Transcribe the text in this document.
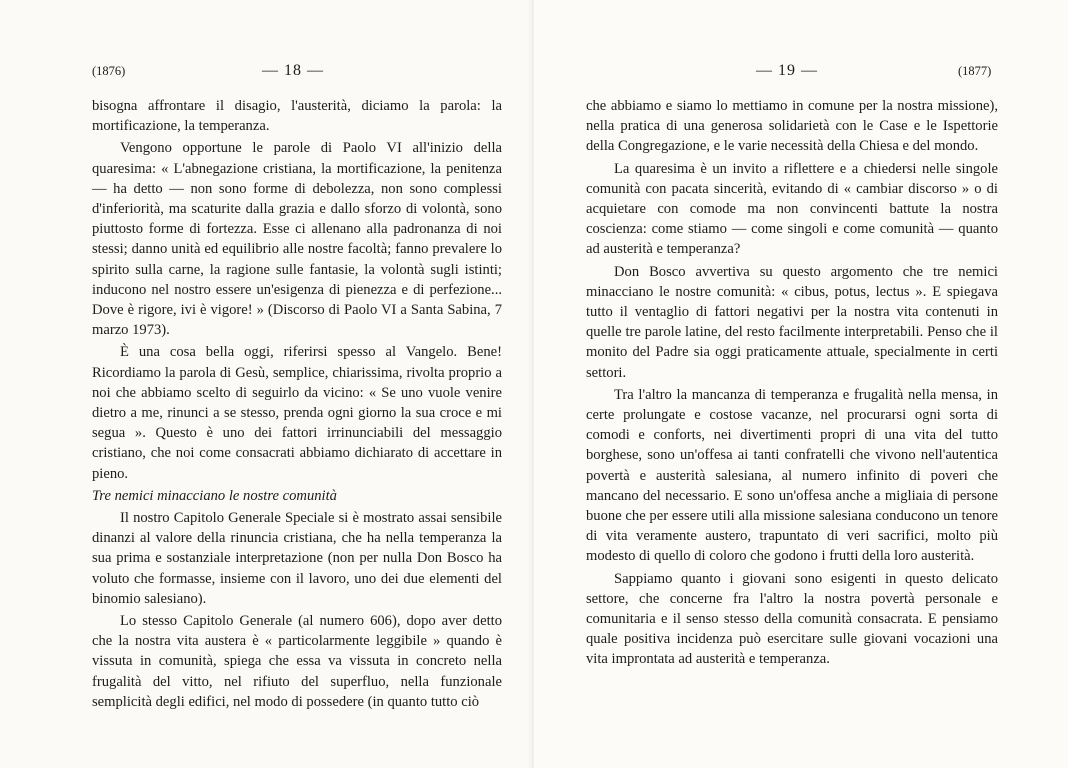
(1876)	— 18 —

bisogna affrontare il disagio, l'austerità, diciamo la parola: la mortificazione, la temperanza.

Vengono opportune le parole di Paolo VI all'inizio della quaresima: « L'abnegazione cristiana, la mortificazione, la penitenza — ha detto — non sono forme di debolezza, non sono complessi d'inferiorità, ma scaturite dalla grazia e dallo sforzo di volontà, sono piuttosto forme di fortezza. Esse ci allenano alla padronanza di noi stessi; danno unità ed equilibrio alle nostre facoltà; fanno prevalere lo spirito sulla carne, la ragione sulle fantasie, la volontà sugli istinti; inducono nel nostro essere un'esigenza di pienezza e di perfezione... Dove è rigore, ivi è vigore! » (Discorso di Paolo VI a Santa Sabina, 7 marzo 1973).

È una cosa bella oggi, riferirsi spesso al Vangelo. Bene! Ricordiamo la parola di Gesù, semplice, chiarissima, rivolta proprio a noi che abbiamo scelto di seguirlo da vicino: « Se uno vuole venire dietro a me, rinunci a se stesso, prenda ogni giorno la sua croce e mi segua ». Questo è uno dei fattori irrinunciabili del messaggio cristiano, che noi come consacrati abbiamo dichiarato di accettare in pieno.

Tre nemici minacciano le nostre comunità

Il nostro Capitolo Generale Speciale si è mostrato assai sensibile dinanzi al valore della rinuncia cristiana, che ha nella temperanza la sua prima e sostanziale interpretazione (non per nulla Don Bosco ha voluto che formasse, insieme con il lavoro, uno dei due elementi del binomio salesiano).

Lo stesso Capitolo Generale (al numero 606), dopo aver detto che la nostra vita austera è « particolarmente leggibile » quando è vissuta in comunità, spiega che essa va vissuta in concreto nella frugalità del vitto, nel rifiuto del superfluo, nella funzionale semplicità degli edifici, nel modo di possedere (in quanto tutto ciò

— 19 —	(1877)

che abbiamo e siamo lo mettiamo in comune per la nostra missione), nella pratica di una generosa solidarietà con le Case e le Ispettorie della Congregazione, e le varie necessità della Chiesa e del mondo.

La quaresima è un invito a riflettere e a chiedersi nelle singole comunità con pacata sincerità, evitando di « cambiar discorso » o di acquietare con comode ma non convincenti battute la nostra coscienza: come stiamo — come singoli e come comunità — quanto ad austerità e temperanza?

Don Bosco avvertiva su questo argomento che tre nemici minacciano le nostre comunità: « cibus, potus, lectus ». E spiegava tutto il ventaglio di fattori negativi per la nostra vita contenuti in quelle tre parole latine, del resto facilmente interpretabili. Penso che il monito del Padre sia oggi praticamente attuale, specialmente in certi settori.

Tra l'altro la mancanza di temperanza e frugalità nella mensa, in certe prolungate e costose vacanze, nel procurarsi ogni sorta di comodi e conforts, nei divertimenti propri di una vita del tutto borghese, sono un'offesa ai tanti confratelli che vivono nell'autentica povertà e austerità salesiana, al numero infinito di poveri che mancano del necessario. E sono un'offesa anche a migliaia di persone buone che per essere utili alla missione salesiana conducono un tenore di vita veramente austero, trapuntato di veri sacrifici, molto più modesto di quello di coloro che godono i frutti della loro austerità.

Sappiamo quanto i giovani sono esigenti in questo delicato settore, che concerne fra l'altro la nostra povertà personale e comunitaria e il senso stesso della comunità consacrata. E pensiamo quale positiva incidenza può esercitare sulle giovani vocazioni una vita improntata ad austerità e temperanza.
